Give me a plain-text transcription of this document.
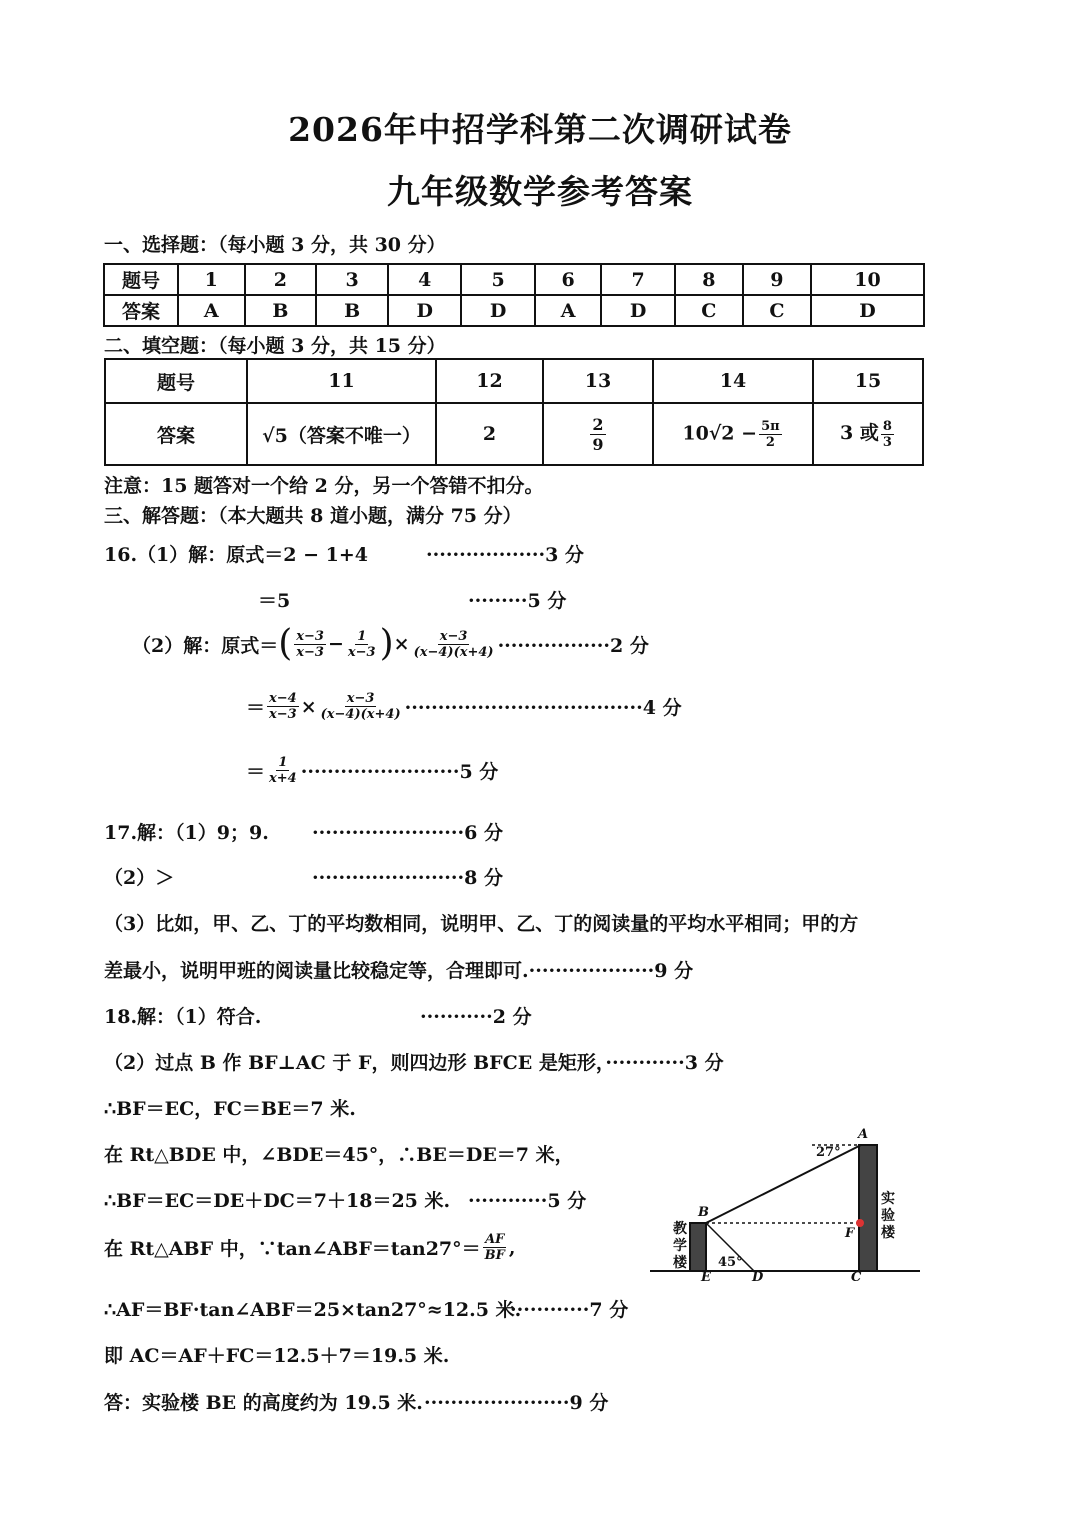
2026年中招学科第二次调研试卷
九年级数学参考答案
一、选择题：（每小题 3 分，共 30 分）
题号	1	2	3	4	5	6	7	8	9	10
答案	A	B	B	D	D	A	D	C	C	D
二、填空题：（每小题 3 分，共 15 分）
题号	11	12	13	14	15
答案	√5（答案不唯一）	2	$\frac{2}{9}$	$10√2 - \frac{5\pi}{2}$	3 或 $\frac{8}{3}$
注意：15 题答对一个给 2 分，另一个答错不扣分。
三、解答题：（本大题共 8 道小题，满分 75 分）
16.（1）解：原式＝2 − 1+4	··················3 分
＝5	·········5 分
（2）解：原式＝ ( $\frac{x-3}{x-3} - \frac{1}{x-3}$ ) × $\frac{x-3}{(x-4)(x+4)} \cdot\cdot\cdot\cdot\cdot\cdot\cdot\cdot\cdot\cdot\cdot\cdot\cdot\cdot\cdot\cdot\cdot 2$ 分
＝ $\frac{x-4}{x-3} \times \frac{x-3}{(x-4)(x+4)} \cdot\cdot\cdot\cdot\cdot\cdot\cdot\cdot\cdot\cdot\cdot\cdot\cdot\cdot\cdot\cdot\cdot\cdot\cdot\cdot\cdot\cdot\cdot\cdot\cdot\cdot\cdot\cdot\cdot\cdot\cdot\cdot\cdot\cdot\cdot\cdot 4$ 分
＝ $\frac{1}{x+4} \cdot\cdot\cdot\cdot\cdot\cdot\cdot\cdot\cdot\cdot\cdot\cdot\cdot\cdot\cdot\cdot\cdot\cdot\cdot\cdot\cdot\cdot\cdot\cdot 5$ 分
17.解：（1）9；9. ·······················6 分
（2）＞	·······················8 分
（3）比如，甲、乙、丁的平均数相同，说明甲、乙、丁的阅读量的平均水平相同；甲的方
差最小，说明甲班的阅读量比较稳定等，合理即可.···················9 分
18.解：（1）符合.	···········2 分
（2）过点 B 作 BF⊥AC 于 F，则四边形 BFCE 是矩形，············3 分
∴BF＝EC，FC＝BE＝7 米.
在 Rt△BDE 中，∠BDE＝45°，∴BE＝DE＝7 米，
∴BF＝EC＝DE＋DC＝7＋18＝25 米. ············5 分
在 Rt△ABF 中，∵tan∠ABF＝tan27°＝ $\frac{AF}{BF}$ ,
∴AF＝BF·tan∠ABF＝25×tan27°≈12.5 米.
············7 分
即 AC＝AF＋FC＝12.5＋7＝19.5 米.
答：实验楼 BE 的高度约为 19.5 米. ······················9 分
27°
45°
A
B
C
D
E
F
教
学
楼
实
验
楼
